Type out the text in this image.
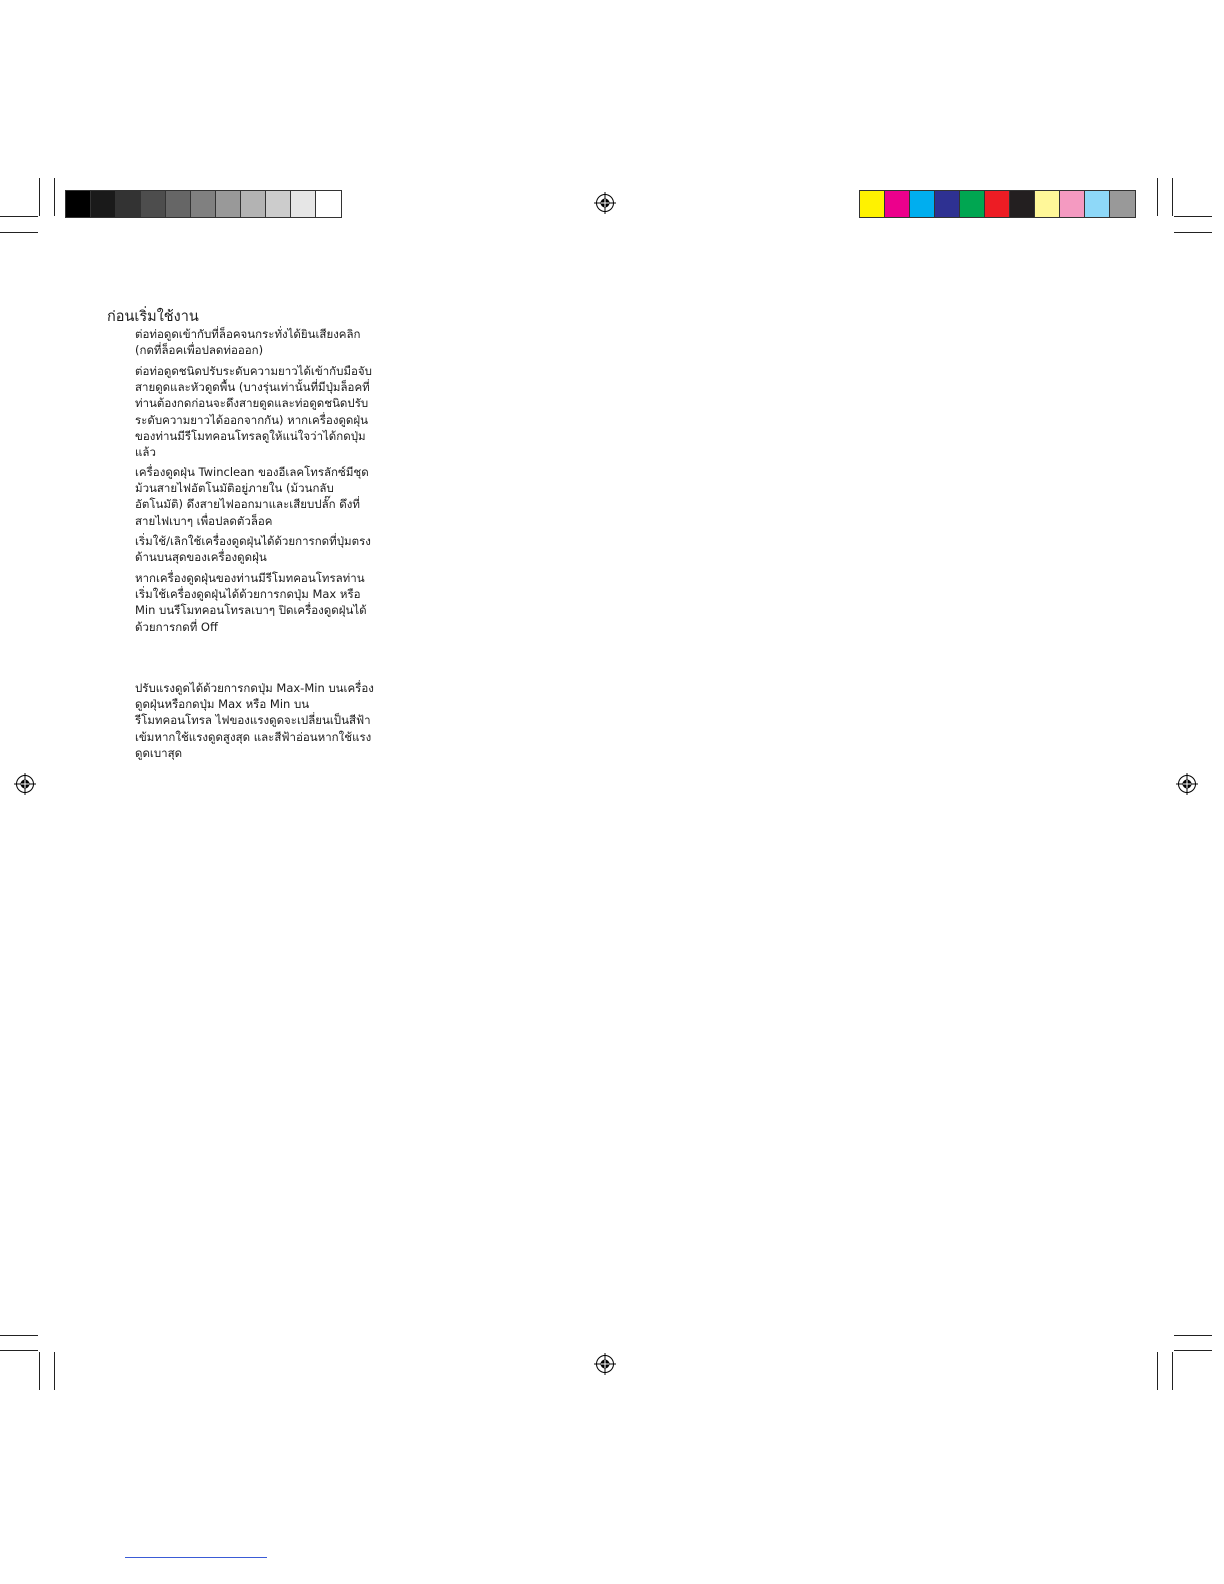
ก่อนเริ่มใช้งาน

ต่อท่อดูดเข้ากับที่ล็อคจนกระทั่งได้ยินเสียงคลิก (กดที่ล็อคเพื่อปลดท่อออก)

ต่อท่อดูดชนิดปรับระดับความยาวได้เข้ากับมือจับสายดูดและหัวดูดพื้น (บางรุ่นเท่านั้นที่มีปุ่มล็อคที่ท่านต้องกดก่อนจะดึงสายดูดและท่อดูดชนิดปรับระดับความยาวได้ออกจากกัน) หากเครื่องดูดฝุ่นของท่านมีรีโมทคอนโทรลดูให้แน่ใจว่าได้กดปุ่มแล้ว

เครื่องดูดฝุ่น Twinclean ของอีเลคโทรลักซ์มีชุดม้วนสายไฟอัตโนมัติอยู่ภายใน (ม้วนกลับอัตโนมัติ) ดึงสายไฟออกมาและเสียบปลั๊ก ดึงที่สายไฟเบาๆ เพื่อปลดตัวล็อค

เริ่มใช้/เลิกใช้เครื่องดูดฝุ่นได้ด้วยการกดที่ปุ่มตรงด้านบนสุดของเครื่องดูดฝุ่น

หากเครื่องดูดฝุ่นของท่านมีรีโมทคอนโทรลท่านเริ่มใช้เครื่องดูดฝุ่นได้ด้วยการกดปุ่ม Max หรือ Min บนรีโมทคอนโทรลเบาๆ ปิดเครื่องดูดฝุ่นได้ด้วยการกดที่ Off

ปรับแรงดูดได้ด้วยการกดปุ่ม Max-Min บนเครื่องดูดฝุ่นหรือกดปุ่ม Max หรือ Min บนรีโมทคอนโทรล ไฟของแรงดูดจะเปลี่ยนเป็นสีฟ้าเข้มหากใช้แรงดูดสูงสุด และสีฟ้าอ่อนหากใช้แรงดูดเบาสุด
